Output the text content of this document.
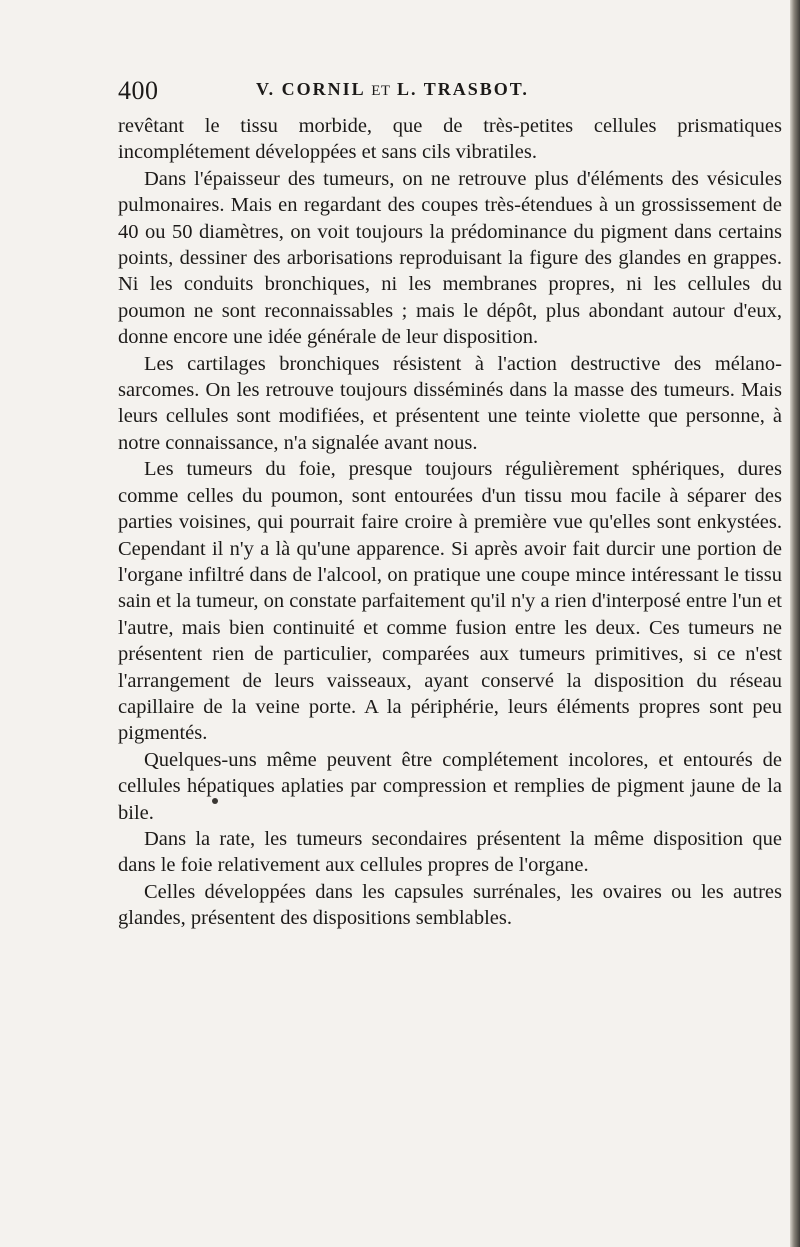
400	V. CORNIL ET L. TRASBOT.

revêtant le tissu morbide, que de très-petites cellules prismatiques incomplétement développées et sans cils vibratiles.

Dans l'épaisseur des tumeurs, on ne retrouve plus d'éléments des vésicules pulmonaires. Mais en regardant des coupes très-étendues à un grossissement de 40 ou 50 diamètres, on voit toujours la prédominance du pigment dans certains points, dessiner des arborisations reproduisant la figure des glandes en grappes. Ni les conduits bronchiques, ni les membranes propres, ni les cellules du poumon ne sont reconnaissables ; mais le dépôt, plus abondant autour d'eux, donne encore une idée générale de leur disposition.

Les cartilages bronchiques résistent à l'action destructive des mélano-sarcomes. On les retrouve toujours disséminés dans la masse des tumeurs. Mais leurs cellules sont modifiées, et présentent une teinte violette que personne, à notre connaissance, n'a signalée avant nous.

Les tumeurs du foie, presque toujours régulièrement sphériques, dures comme celles du poumon, sont entourées d'un tissu mou facile à séparer des parties voisines, qui pourrait faire croire à première vue qu'elles sont enkystées. Cependant il n'y a là qu'une apparence. Si après avoir fait durcir une portion de l'organe infiltré dans de l'alcool, on pratique une coupe mince intéressant le tissu sain et la tumeur, on constate parfaitement qu'il n'y a rien d'interposé entre l'un et l'autre, mais bien continuité et comme fusion entre les deux. Ces tumeurs ne présentent rien de particulier, comparées aux tumeurs primitives, si ce n'est l'arrangement de leurs vaisseaux, ayant conservé la disposition du réseau capillaire de la veine porte. A la périphérie, leurs éléments propres sont peu pigmentés.

Quelques-uns même peuvent être complétement incolores, et entourés de cellules hépatiques aplaties par compression et remplies de pigment jaune de la bile.

Dans la rate, les tumeurs secondaires présentent la même disposition que dans le foie relativement aux cellules propres de l'organe.

Celles développées dans les capsules surrénales, les ovaires ou les autres glandes, présentent des dispositions semblables.
